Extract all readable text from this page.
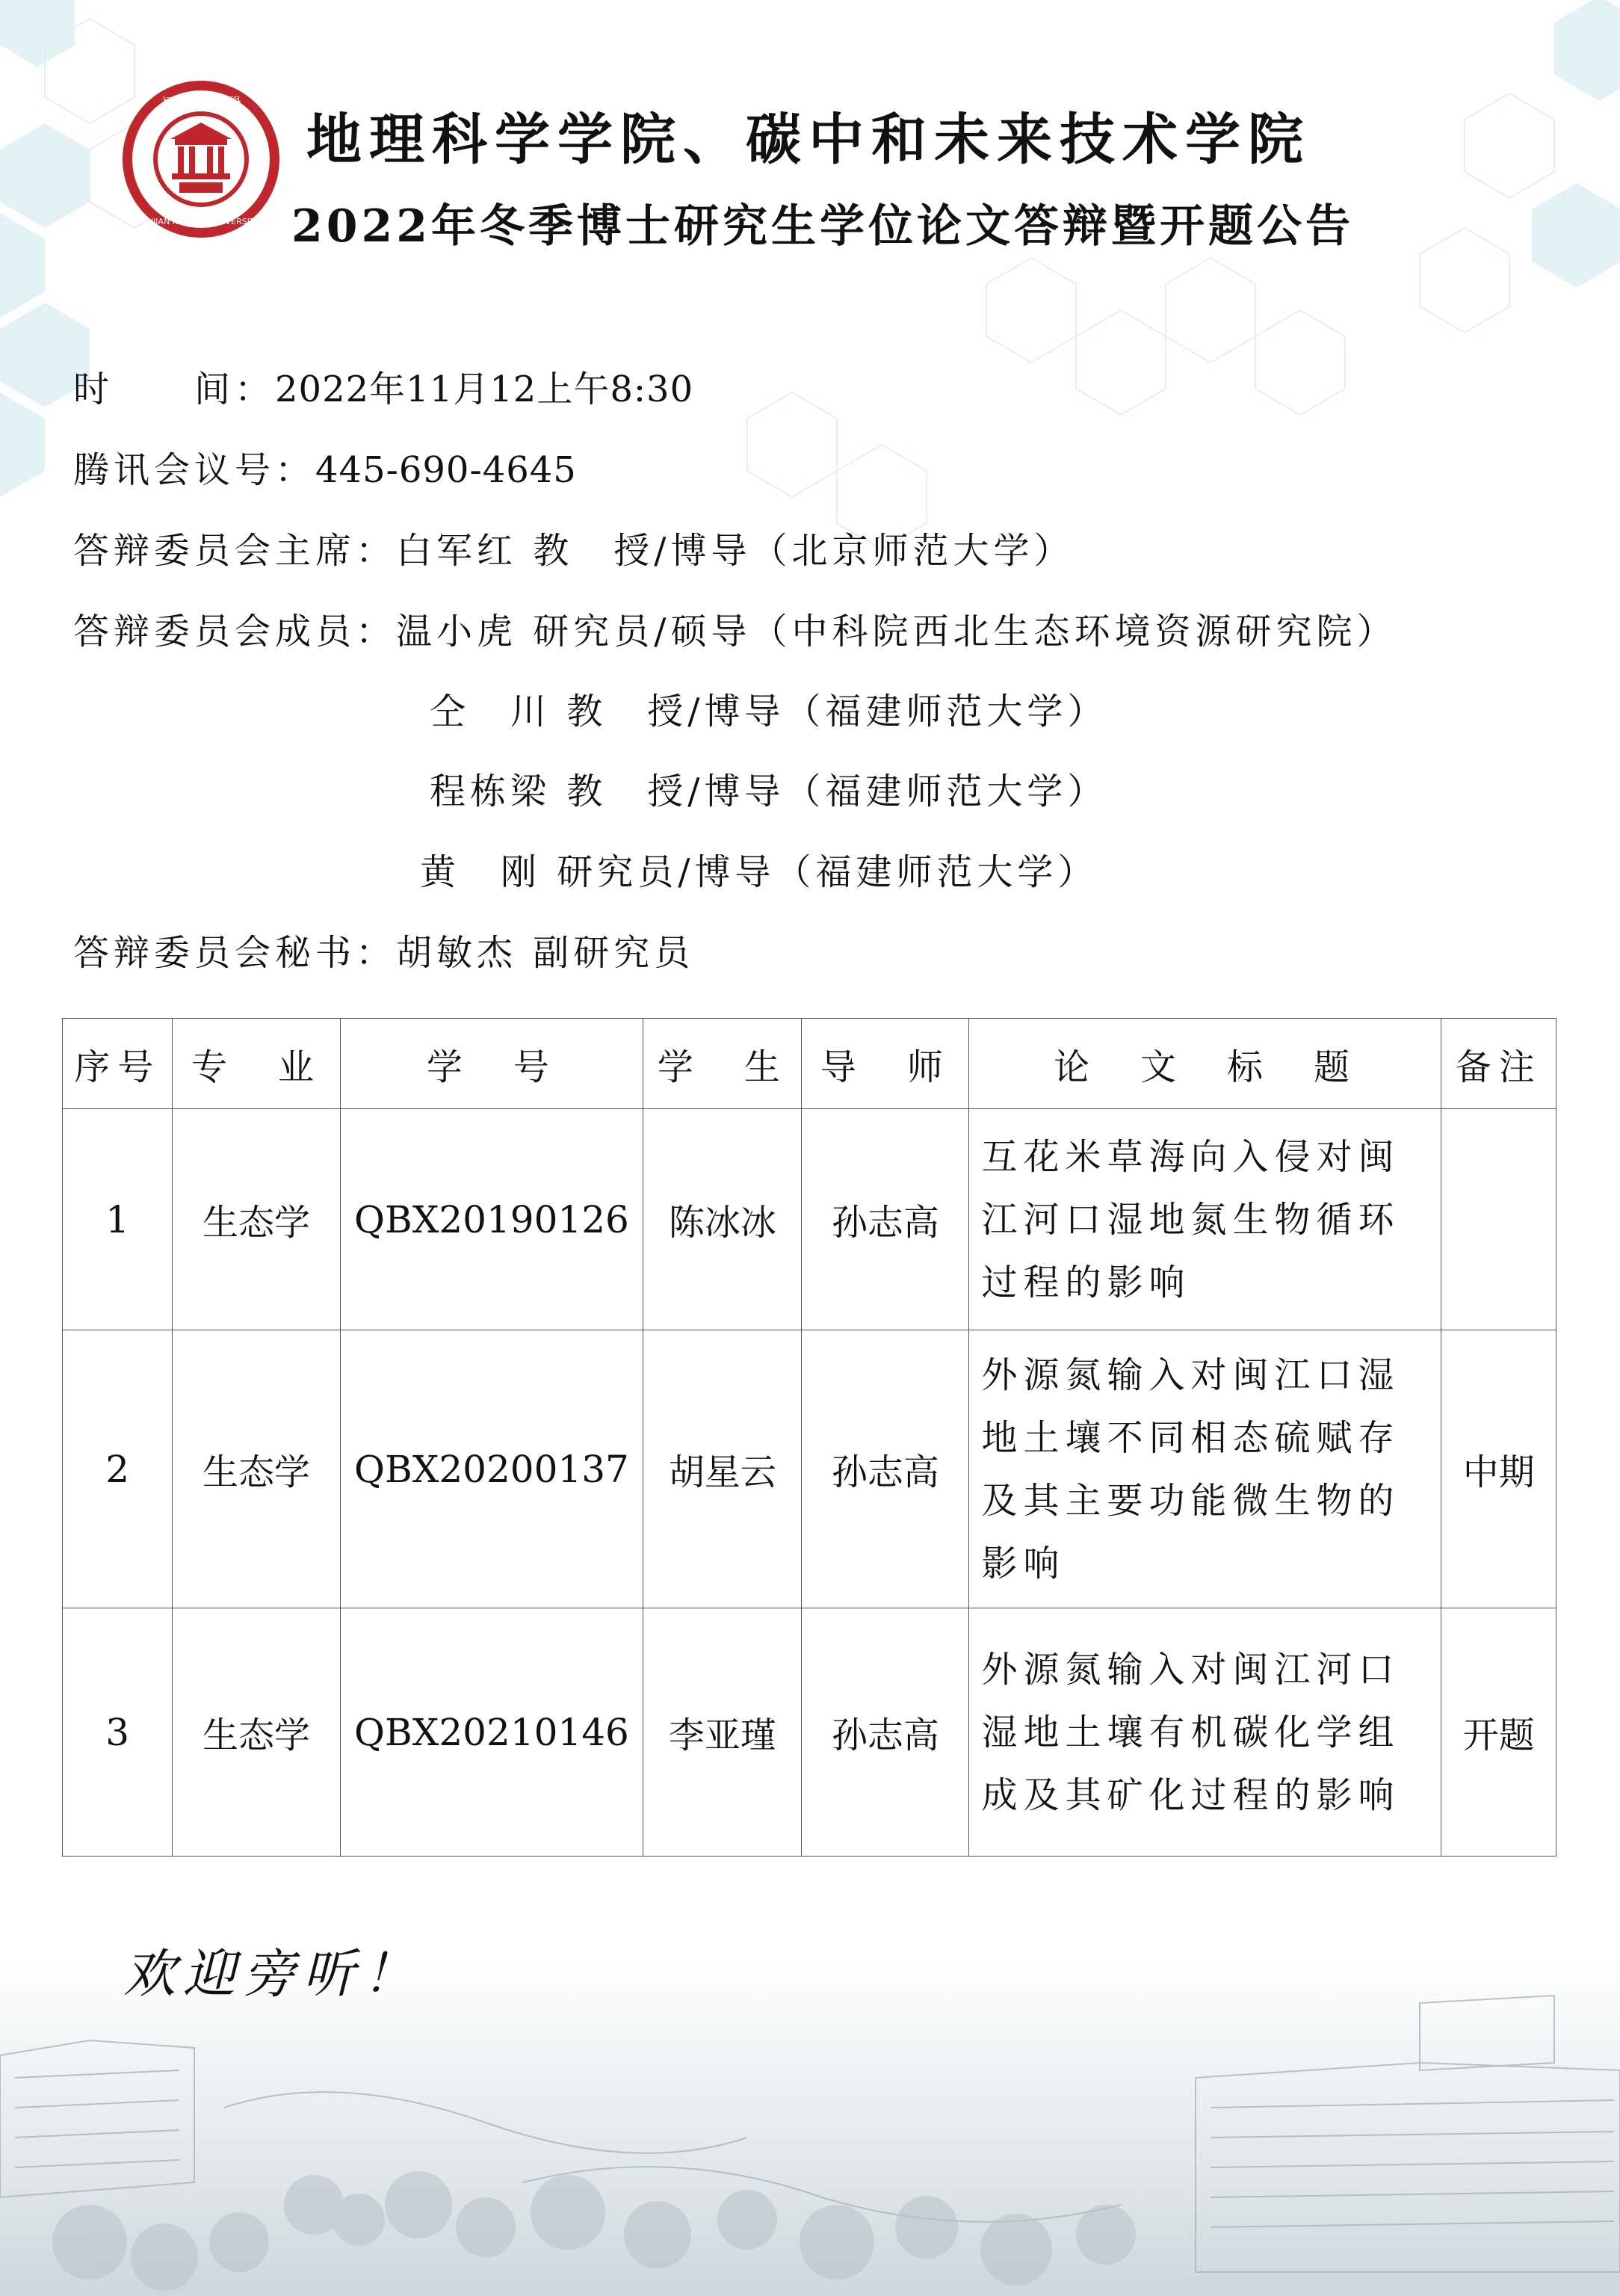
1907
福建師範大學
FUJIAN NORMAL UNIVERSITY
地理科学学院、碳中和未来技术学院
2022年冬季博士研究生学位论文答辩暨开题公告
时　　间：2022年11月12上午8:30
腾讯会议号：445-690-4645
答辩委员会主席：白军红 教　授/博导（北京师范大学）
答辩委员会成员：温小虎 研究员/硕导（中科院西北生态环境资源研究院）
仝　川 教　授/博导（福建师范大学）
程栋梁 教　授/博导（福建师范大学）
黄　刚 研究员/博导（福建师范大学）
答辩委员会秘书：胡敏杰 副研究员
序号	专　业	学　号	学　生	导　师	论　文　标　题	备注
1	生态学	QBX20190126	陈冰冰	孙志高	互花米草海向入侵对闽江河口湿地氮生物循环过程的影响	
2	生态学	QBX20200137	胡星云	孙志高	外源氮输入对闽江口湿地土壤不同相态硫赋存及其主要功能微生物的影响	中期
3	生态学	QBX20210146	李亚瑾	孙志高	外源氮输入对闽江河口湿地土壤有机碳化学组成及其矿化过程的影响	开题
欢迎旁听！
